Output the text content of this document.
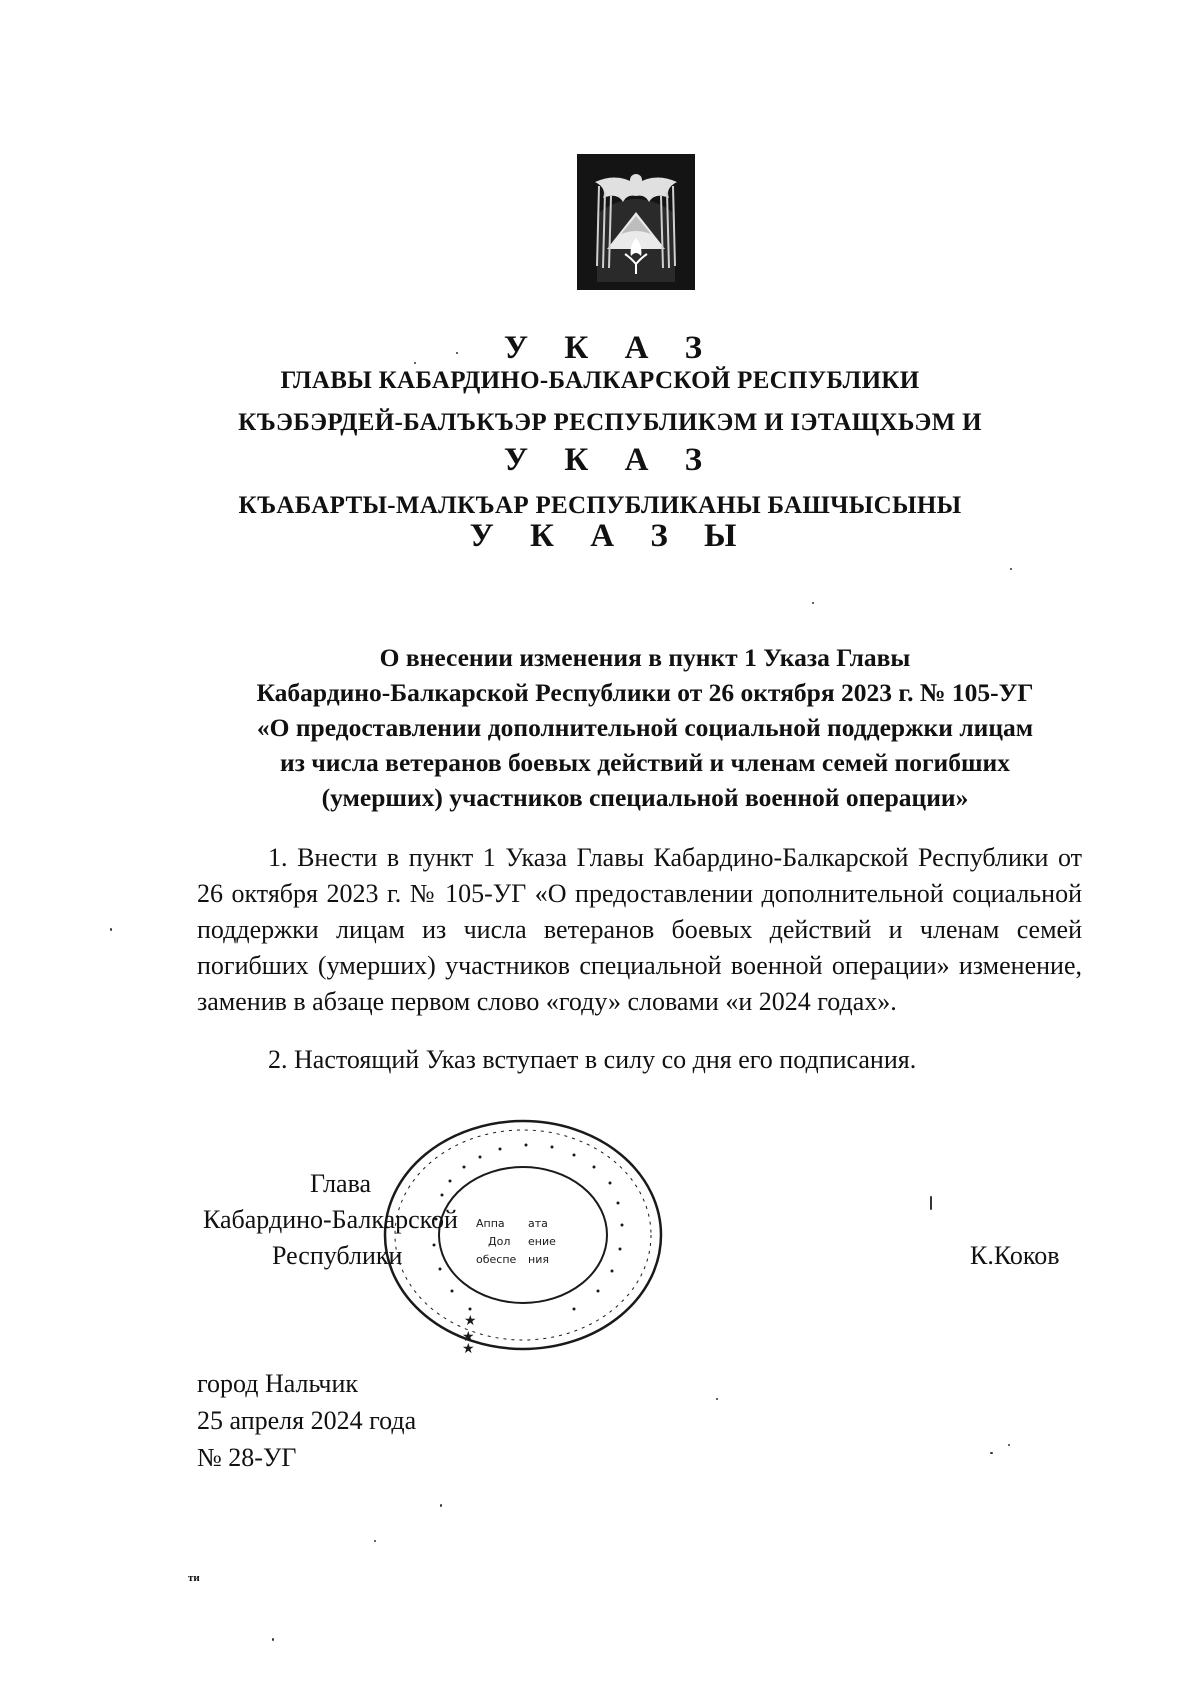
У К А З
ГЛАВЫ КАБАРДИНО-БАЛКАРСКОЙ РЕСПУБЛИКИ
КЪЭБЭРДЕЙ-БАЛЪКЪЭР РЕСПУБЛИКЭМ И IЭТАЩХЬЭМ И
У К А З
КЪАБАРТЫ-МАЛКЪАР РЕСПУБЛИКАНЫ БАШЧЫСЫНЫ
У К А З Ы
О внесении изменения в пункт 1 Указа Главы
Кабардино-Балкарской Республики от 26 октября 2023 г. № 105-УГ
«О предоставлении дополнительной социальной поддержки лицам
из числа ветеранов боевых действий и членам семей погибших
(умерших) участников специальной военной операции»

1. Внести в пункт 1 Указа Главы Кабардино-Балкарской Республики от 26 октября 2023 г. № 105-УГ «О предоставлении дополнительной социальной поддержки лицам из числа ветеранов боевых действий и членам семей погибших (умерших) участников специальной военной операции» изменение, заменив в абзаце первом слово «году» словами «и 2024 годах».

2. Настоящий Указ вступает в силу со дня его подписания.

Аппа ата
Дол ение
обеспе ния
★
★
★
Глава
Кабардино-Балкарской
Республики	К.Коков
город Нальчик
25 апреля 2024 года
№ 28-УГ
ти
